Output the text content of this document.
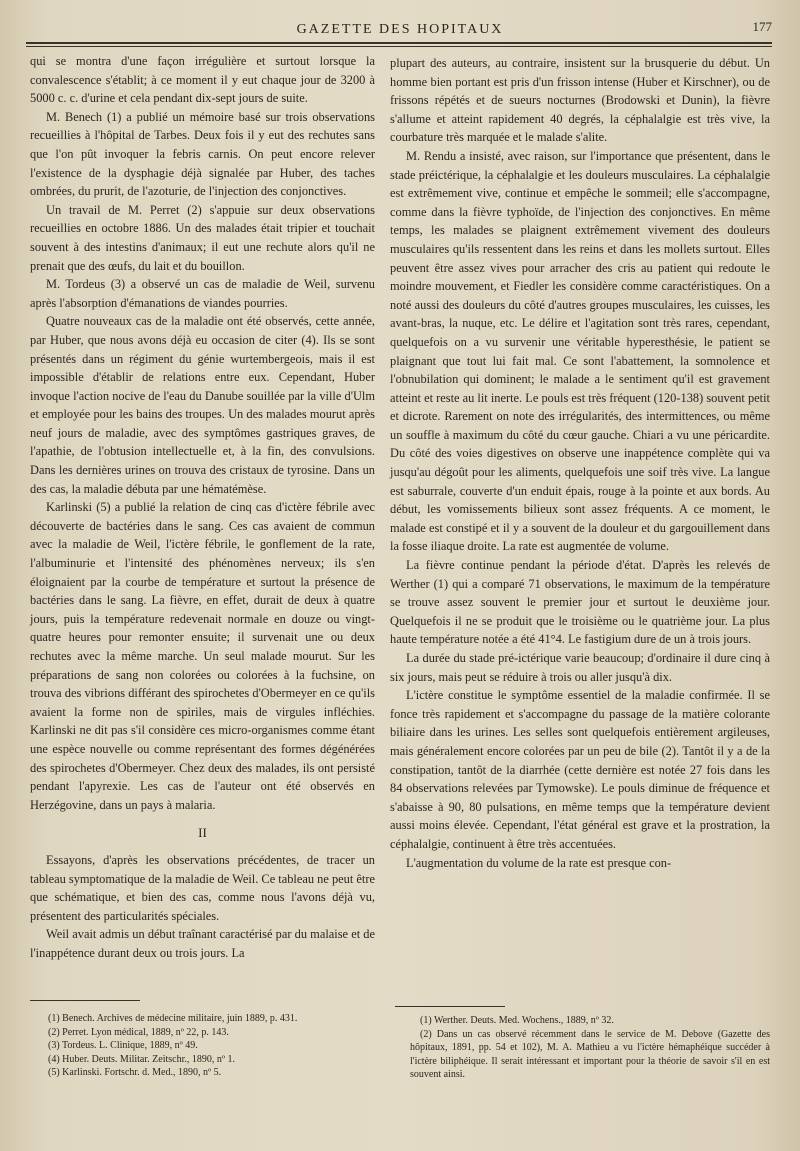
GAZETTE DES HOPITAUX	177

qui se montra d'une façon irrégulière et surtout lorsque la convalescence s'établit; à ce moment il y eut chaque jour de 3200 à 5000 c. c. d'urine et cela pendant dix-sept jours de suite.

M. Benech (1) a publié un mémoire basé sur trois observations recueillies à l'hôpital de Tarbes. Deux fois il y eut des rechutes sans que l'on pût invoquer la febris carnis. On peut encore relever l'existence de la dysphagie déjà signalée par Huber, des taches ombrées, du prurit, de l'azoturie, de l'injection des conjonctives.

Un travail de M. Perret (2) s'appuie sur deux observations recueillies en octobre 1886. Un des malades était tripier et touchait souvent à des intestins d'animaux; il eut une rechute alors qu'il ne prenait que des œufs, du lait et du bouillon.

M. Tordeus (3) a observé un cas de maladie de Weil, survenu après l'absorption d'émanations de viandes pourries.

Quatre nouveaux cas de la maladie ont été observés, cette année, par Huber, que nous avons déjà eu occasion de citer (4). Ils se sont présentés dans un régiment du génie wurtembergeois, mais il est impossible d'établir de relations entre eux. Cependant, Huber invoque l'action nocive de l'eau du Danube souillée par la ville d'Ulm et employée pour les bains des troupes. Un des malades mourut après neuf jours de maladie, avec des symptômes gastriques graves, de l'apathie, de l'obtusion intellectuelle et, à la fin, des convulsions. Dans les dernières urines on trouva des cristaux de tyrosine. Dans un des cas, la maladie débuta par une hématémèse.

Karlinski (5) a publié la relation de cinq cas d'ictère fébrile avec découverte de bactéries dans le sang. Ces cas avaient de commun avec la maladie de Weil, l'ictère fébrile, le gonflement de la rate, l'albuminurie et l'intensité des phénomènes nerveux; ils s'en éloignaient par la courbe de température et surtout la présence de bactéries dans le sang. La fièvre, en effet, durait de deux à quatre jours, puis la température redevenait normale en douze ou vingt-quatre heures pour remonter ensuite; il survenait une ou deux rechutes avec la même marche. Un seul malade mourut. Sur les préparations de sang non colorées ou colorées à la fuchsine, on trouva des vibrions différant des spirochetes d'Obermeyer en ce qu'ils avaient la forme non de spiriles, mais de virgules infléchies. Karlinski ne dit pas s'il considère ces micro-organismes comme étant une espèce nouvelle ou comme représentant des formes dégénérées des spirochetes d'Obermeyer. Chez deux des malades, ils ont persisté pendant l'apyrexie. Les cas de l'auteur ont été observés en Herzégovine, dans un pays à malaria.

II

Essayons, d'après les observations précédentes, de tracer un tableau symptomatique de la maladie de Weil. Ce tableau ne peut être que schématique, et bien des cas, comme nous l'avons déjà vu, présentent des particularités spéciales.

Weil avait admis un début traînant caractérisé par du malaise et de l'inappétence durant deux ou trois jours. La

plupart des auteurs, au contraire, insistent sur la brusquerie du début. Un homme bien portant est pris d'un frisson intense (Huber et Kirschner), ou de frissons répétés et de sueurs nocturnes (Brodowski et Dunin), la fièvre s'allume et atteint rapidement 40 degrés, la céphalalgie est très vive, la courbature très marquée et le malade s'alite.

M. Rendu a insisté, avec raison, sur l'importance que présentent, dans le stade préictérique, la céphalalgie et les douleurs musculaires. La céphalalgie est extrêmement vive, continue et empêche le sommeil; elle s'accompagne, comme dans la fièvre typhoïde, de l'injection des conjonctives. En même temps, les malades se plaignent extrêmement vivement des douleurs musculaires qu'ils ressentent dans les reins et dans les mollets surtout. Elles peuvent être assez vives pour arracher des cris au patient qui redoute le moindre mouvement, et Fiedler les considère comme caractéristiques. On a noté aussi des douleurs du côté d'autres groupes musculaires, les cuisses, les avant-bras, la nuque, etc. Le délire et l'agitation sont très rares, cependant, quelquefois on a vu survenir une véritable hyperesthésie, le patient se plaignant que tout lui fait mal. Ce sont l'abattement, la somnolence et l'obnubilation qui dominent; le malade a le sentiment qu'il est gravement atteint et reste au lit inerte. Le pouls est très fréquent (120-138) souvent petit et dicrote. Rarement on note des irrégularités, des intermittences, ou même un souffle à maximum du côté du cœur gauche. Chiari a vu une péricardite. Du côté des voies digestives on observe une inappétence complète qui va jusqu'au dégoût pour les aliments, quelquefois une soif très vive. La langue est saburrale, couverte d'un enduit épais, rouge à la pointe et aux bords. Au début, les vomissements bilieux sont assez fréquents. A ce moment, le malade est constipé et il y a souvent de la douleur et du gargouillement dans la fosse iliaque droite. La rate est augmentée de volume.

La fièvre continue pendant la période d'état. D'après les relevés de Werther (1) qui a comparé 71 observations, le maximum de la température se trouve assez souvent le premier jour et surtout le deuxième jour. Quelquefois il ne se produit que le troisième ou le quatrième jour. La plus haute température notée a été 41°4. Le fastigium dure de un à trois jours.

La durée du stade pré-ictérique varie beaucoup; d'ordinaire il dure cinq à six jours, mais peut se réduire à trois ou aller jusqu'à dix.

L'ictère constitue le symptôme essentiel de la maladie confirmée. Il se fonce très rapidement et s'accompagne du passage de la matière colorante biliaire dans les urines. Les selles sont quelquefois entièrement argileuses, mais généralement encore colorées par un peu de bile (2). Tantôt il y a de la constipation, tantôt de la diarrhée (cette dernière est notée 27 fois dans les 84 observations relevées par Tymowske). Le pouls diminue de fréquence et s'abaisse à 90, 80 pulsations, en même temps que la température devient aussi moins élevée. Cependant, l'état général est grave et la prostration, la céphalalgie, continuent à être très accentuées.

L'augmentation du volume de la rate est presque con-

(1) Benech. Archives de médecine militaire, juin 1889, p. 431.
(2) Perret. Lyon médical, 1889, nº 22, p. 143.
(3) Tordeus. L. Clinique, 1889, nº 49.
(4) Huber. Deuts. Militar. Zeitschr., 1890, nº 1.
(5) Karlinski. Fortschr. d. Med., 1890, nº 5.
(1) Werther. Deuts. Med. Wochens., 1889, nº 32.
(2) Dans un cas observé récemment dans le service de M. Debove (Gazette des hôpitaux, 1891, pp. 54 et 102), M. A. Mathieu a vu l'ictère hémaphéique succéder à l'ictère biliphéique. Il serait intéressant et important pour la théorie de savoir s'il en est souvent ainsi.
